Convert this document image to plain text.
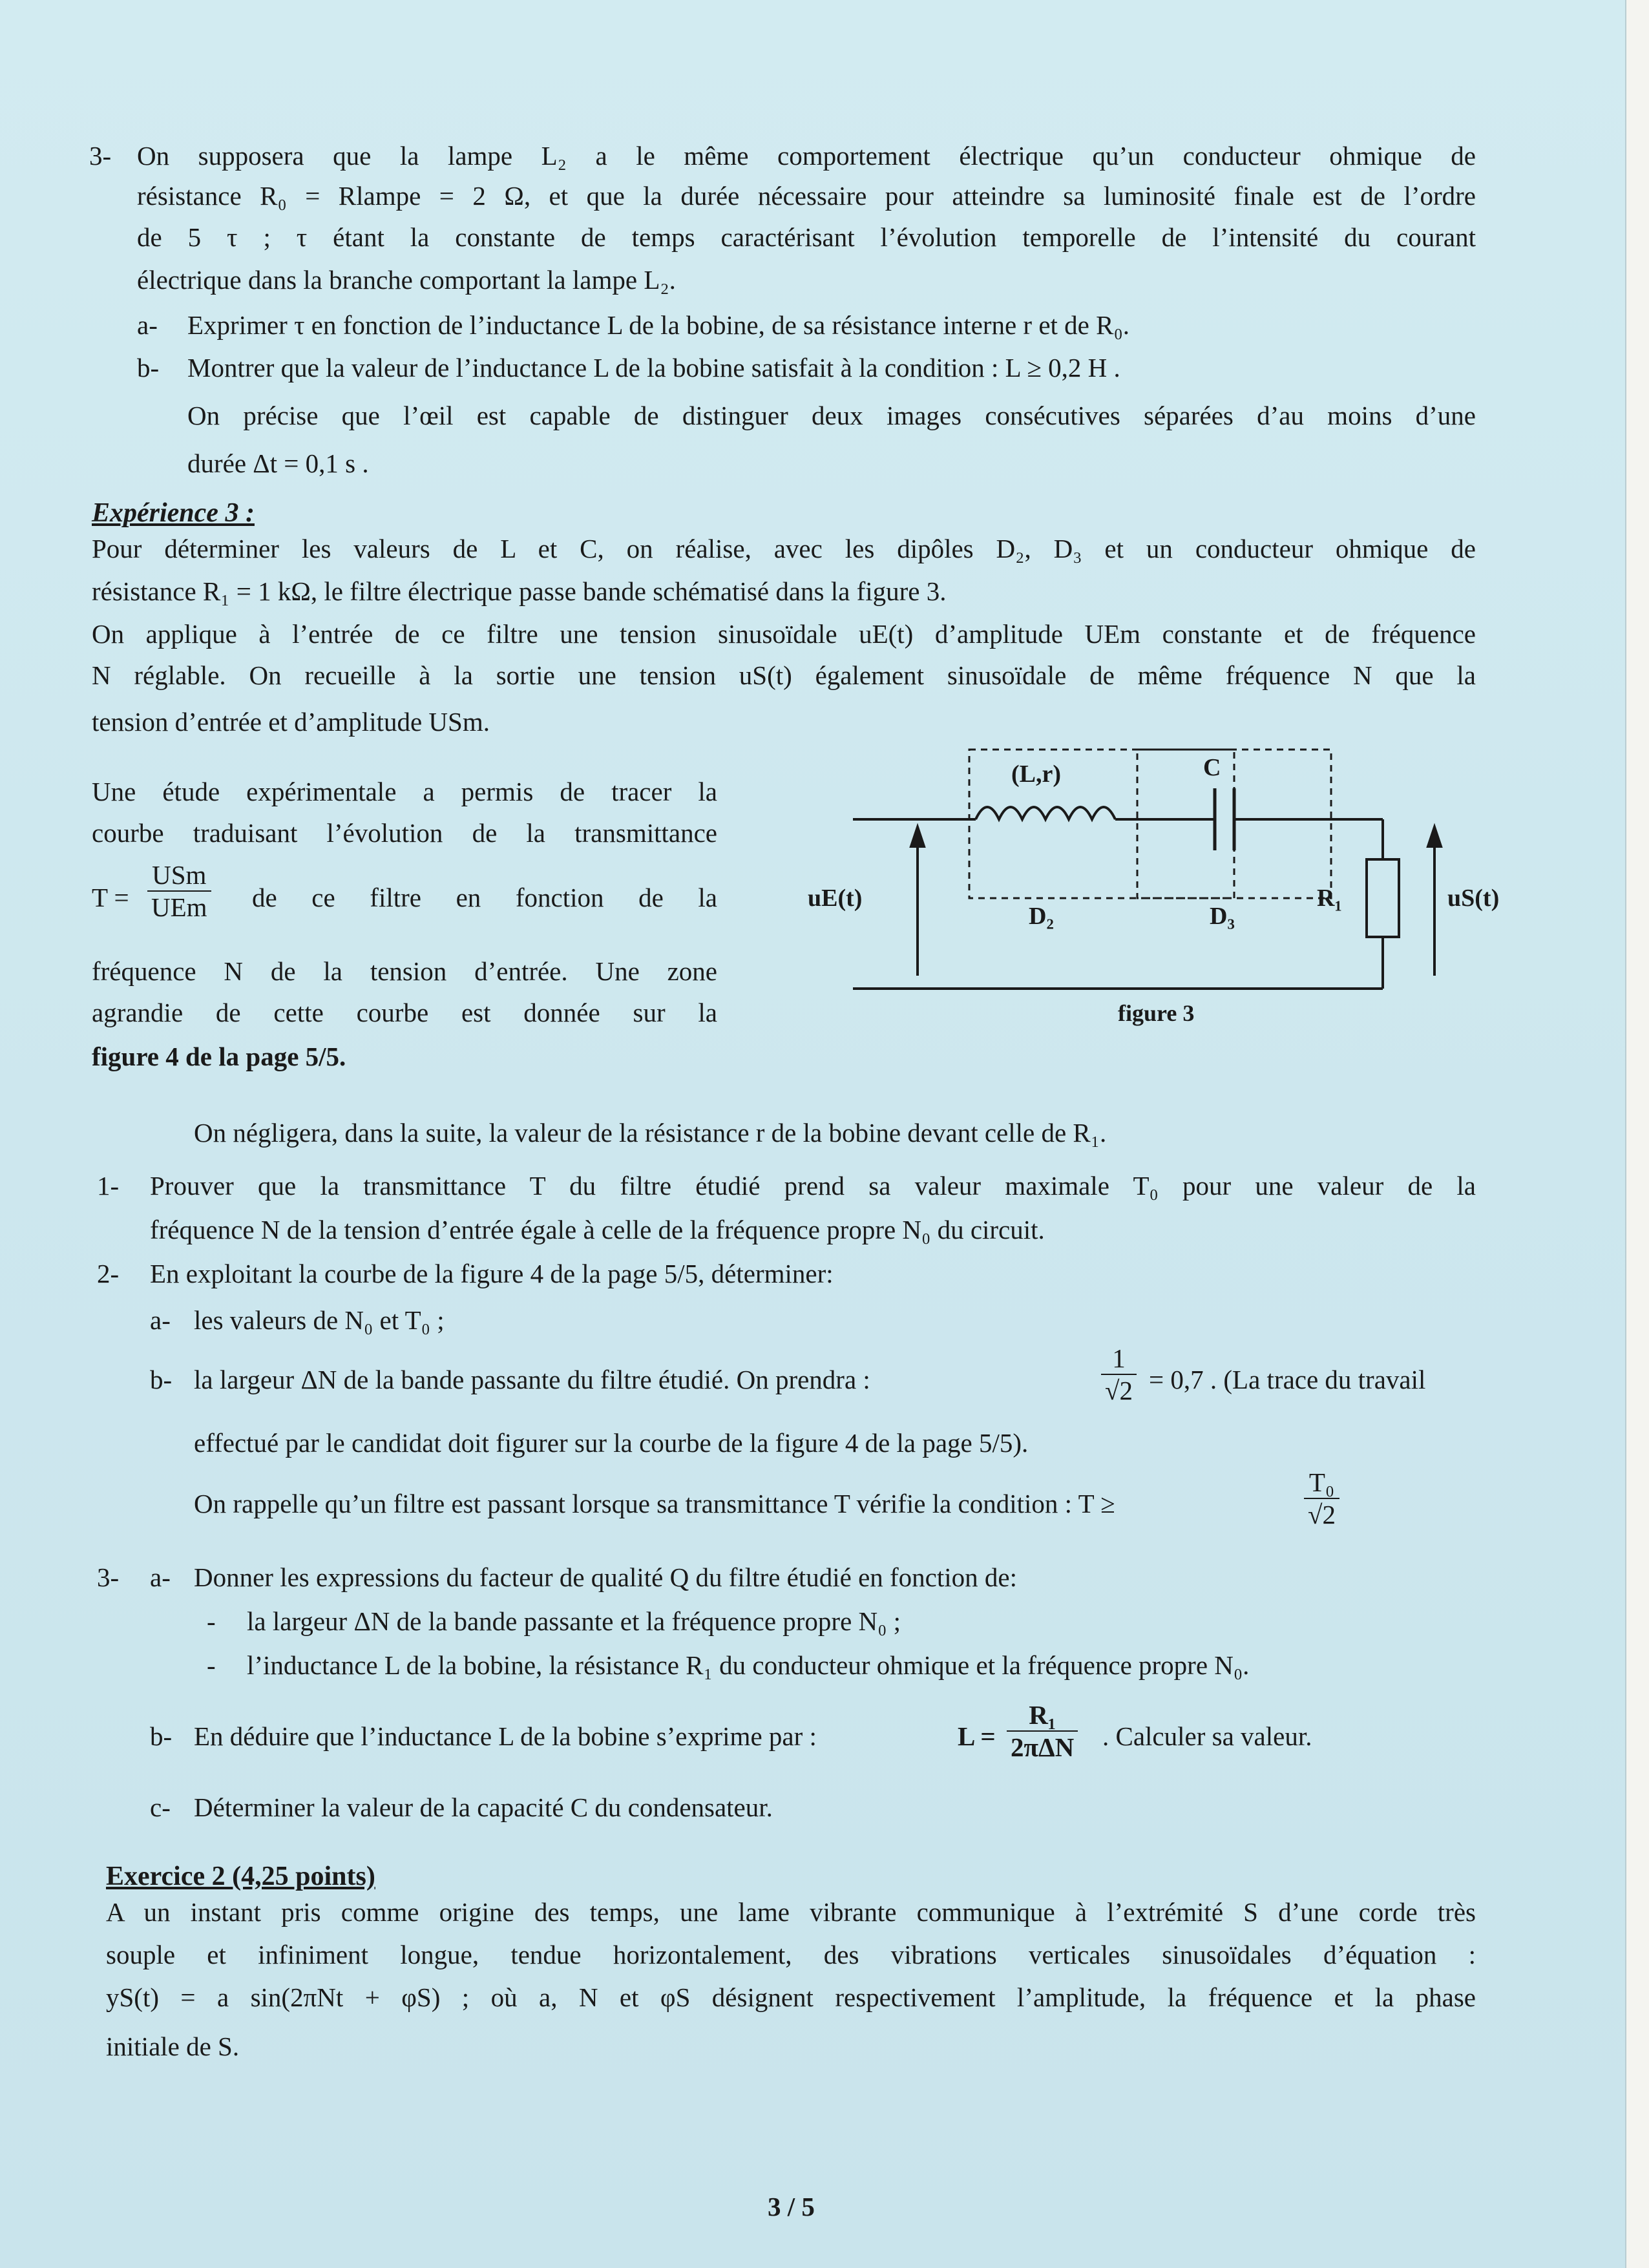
3- On supposera que la lampe L₂ a le même comportement électrique qu’un conducteur ohmique de
résistance R₀ = Rlampe = 2 Ω, et que la durée nécessaire pour atteindre sa luminosité finale est de l’ordre
de 5 τ ; τ étant la constante de temps caractérisant l’évolution temporelle de l’intensité du courant
électrique dans la branche comportant la lampe L₂.
a- Exprimer τ en fonction de l’inductance L de la bobine, de sa résistance interne r et de R₀.
b- Montrer que la valeur de l’inductance L de la bobine satisfait à la condition : L ≥ 0,2 H .
On précise que l’œil est capable de distinguer deux images consécutives séparées d’au moins d’une
durée Δt = 0,1 s .
Expérience 3 :
Pour déterminer les valeurs de L et C, on réalise, avec les dipôles D₂, D₃ et un conducteur ohmique de
résistance R₁ = 1 kΩ, le filtre électrique passe bande schématisé dans la figure 3.
On applique à l’entrée de ce filtre une tension sinusoïdale uE(t) d’amplitude UEm constante et de fréquence
N réglable. On recueille à la sortie une tension uS(t) également sinusoïdale de même fréquence N que la
tension d’entrée et d’amplitude USm.
Une étude expérimentale a permis de tracer la
courbe traduisant l’évolution de la transmittance
T =
USm
UEm de ce filtre en fonction de la
fréquence N de la tension d’entrée. Une zone
agrandie de cette courbe est donnée sur la
figure 4 de la page 5/5.
(L,r)	C
D₂	D₃
R₁
uE(t)	uS(t)
figure 3
On négligera, dans la suite, la valeur de la résistance r de la bobine devant celle de R₁.
1- Prouver que la transmittance T du filtre étudié prend sa valeur maximale T₀ pour une valeur de la
fréquence N de la tension d’entrée égale à celle de la fréquence propre N₀ du circuit.
2- En exploitant la courbe de la figure 4 de la page 5/5, déterminer:
a- les valeurs de N₀ et T₀ ;
b- la largeur ΔN de la bande passante du filtre étudié. On prendra :	$\frac{1}{√2} = 0,7$ . (La trace du travail
effectué par le candidat doit figurer sur la courbe de la figure 4 de la page 5/5).
On rappelle qu’un filtre est passant lorsque sa transmittance T vérifie la condition : T ≥	$\frac{\text{T₀}}{√2}$
3- a- Donner les expressions du facteur de qualité Q du filtre étudié en fonction de:
- la largeur ΔN de la bande passante et la fréquence propre N₀ ;
- l’inductance L de la bobine, la résistance R₁ du conducteur ohmique et la fréquence propre N₀.
b- En déduire que l’inductance L de la bobine s’exprime par :	L =
R₁
2πΔN . Calculer sa valeur.
c- Déterminer la valeur de la capacité C du condensateur.
Exercice 2 (4,25 points)
A un instant pris comme origine des temps, une lame vibrante communique à l’extrémité S d’une corde très
souple et infiniment longue, tendue horizontalement, des vibrations verticales sinusoïdales d’équation :
yS(t) = a sin(2πNt + φS) ; où a, N et φS désignent respectivement l’amplitude, la fréquence et la phase
initiale de S.
3 / 5
